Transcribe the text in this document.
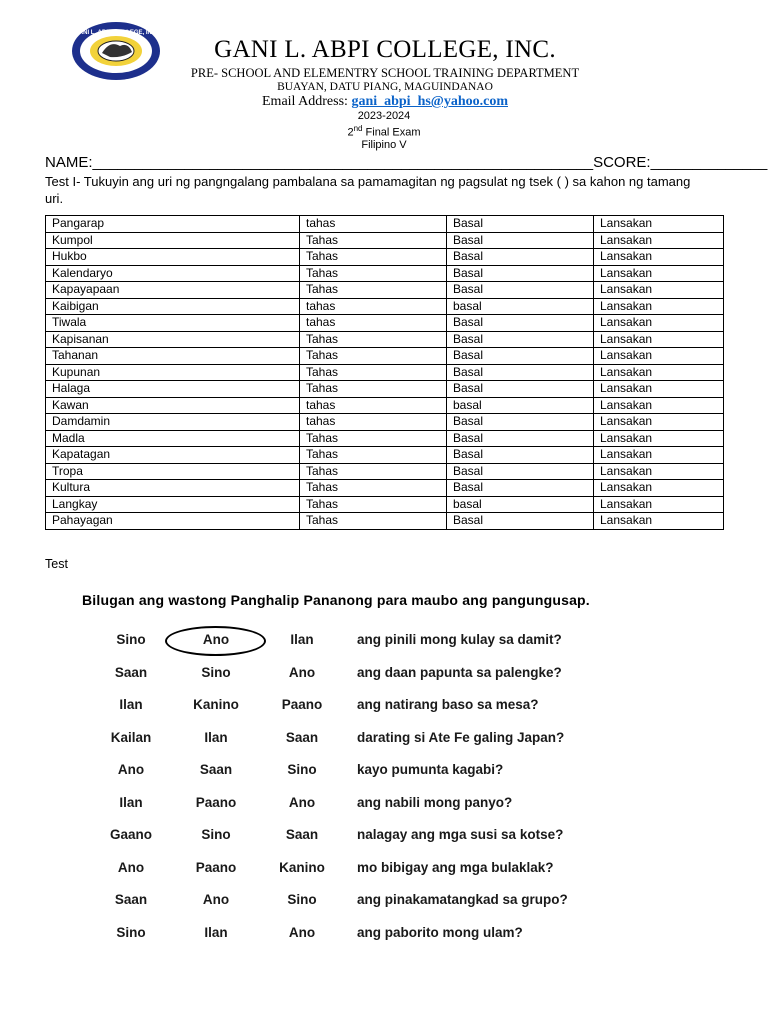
GANI L. ABPI COLLEGE, INC.
GANI L. ABPI COLLEGE, INC.
PRE- SCHOOL AND ELEMENTRY SCHOOL TRAINING DEPARTMENT
BUAYAN, DATU PIANG, MAGUINDANAO
Email Address: gani_abpi_hs@yahoo.com
2023-2024
2nd Final Exam
Filipino V
NAME:____________________________________________________________SCORE:______________
Test I- Tukuyin ang uri ng pangngalang pambalana sa pamamagitan ng pagsulat ng tsek ( ) sa kahon ng tamang uri.
Pangarap	tahas	Basal	Lansakan
Kumpol	Tahas	Basal	Lansakan
Hukbo	Tahas	Basal	Lansakan
Kalendaryo	Tahas	Basal	Lansakan
Kapayapaan	Tahas	Basal	Lansakan
Kaibigan	tahas	basal	Lansakan
Tiwala	tahas	Basal	Lansakan
Kapisanan	Tahas	Basal	Lansakan
Tahanan	Tahas	Basal	Lansakan
Kupunan	Tahas	Basal	Lansakan
Halaga	Tahas	Basal	Lansakan
Kawan	tahas	basal	Lansakan
Damdamin	tahas	Basal	Lansakan
Madla	Tahas	Basal	Lansakan
Kapatagan	Tahas	Basal	Lansakan
Tropa	Tahas	Basal	Lansakan
Kultura	Tahas	Basal	Lansakan
Langkay	Tahas	basal	Lansakan
Pahayagan	Tahas	Basal	Lansakan
Test
Bilugan ang wastong Panghalip Pananong para maubo ang pangungusap.
Sino	Ano	Ilan	ang pinili mong kulay sa damit?
Saan	Sino	Ano	ang daan papunta sa palengke?
Ilan	Kanino	Paano	ang natirang baso sa mesa?
Kailan	Ilan	Saan	darating si Ate Fe galing Japan?
Ano	Saan	Sino	kayo pumunta kagabi?
Ilan	Paano	Ano	ang nabili mong panyo?
Gaano	Sino	Saan	nalagay ang mga susi sa kotse?
Ano	Paano	Kanino	mo bibigay ang mga bulaklak?
Saan	Ano	Sino	ang pinakamatangkad sa grupo?
Sino	Ilan	Ano	ang paborito mong ulam?
